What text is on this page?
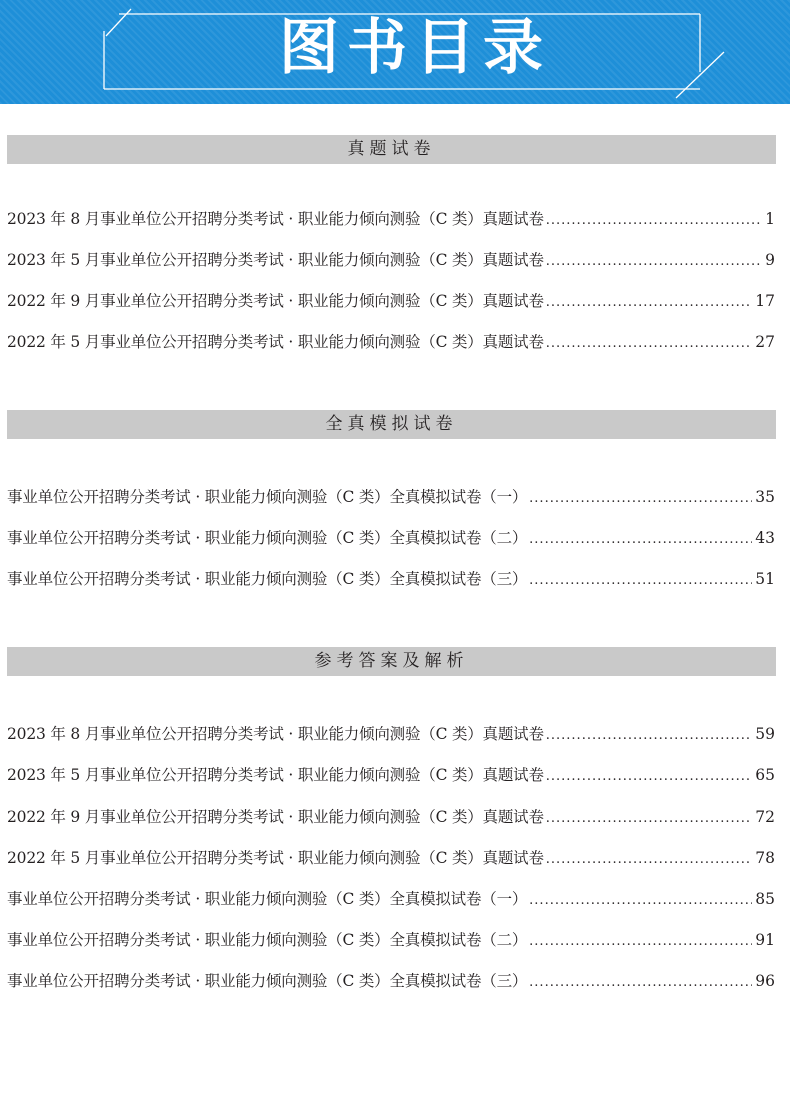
图书目录
真题试卷
2023 年 8 月事业单位公开招聘分类考试 · 职业能力倾向测验（C 类）真题试卷 .....	1
2023 年 5 月事业单位公开招聘分类考试 · 职业能力倾向测验（C 类）真题试卷 .....	9
2022 年 9 月事业单位公开招聘分类考试 · 职业能力倾向测验（C 类）真题试卷 .....	17
2022 年 5 月事业单位公开招聘分类考试 · 职业能力倾向测验（C 类）真题试卷 .....	27
全真模拟试卷
事业单位公开招聘分类考试 · 职业能力倾向测验（C 类）全真模拟试卷（一） .....	35
事业单位公开招聘分类考试 · 职业能力倾向测验（C 类）全真模拟试卷（二） .....	43
事业单位公开招聘分类考试 · 职业能力倾向测验（C 类）全真模拟试卷（三） .....	51
参考答案及解析
2023 年 8 月事业单位公开招聘分类考试 · 职业能力倾向测验（C 类）真题试卷 .....	59
2023 年 5 月事业单位公开招聘分类考试 · 职业能力倾向测验（C 类）真题试卷 .....	65
2022 年 9 月事业单位公开招聘分类考试 · 职业能力倾向测验（C 类）真题试卷 .....	72
2022 年 5 月事业单位公开招聘分类考试 · 职业能力倾向测验（C 类）真题试卷 .....	78
事业单位公开招聘分类考试 · 职业能力倾向测验（C 类）全真模拟试卷（一） .....	85
事业单位公开招聘分类考试 · 职业能力倾向测验（C 类）全真模拟试卷（二） .....	91
事业单位公开招聘分类考试 · 职业能力倾向测验（C 类）全真模拟试卷（三） .....	96
